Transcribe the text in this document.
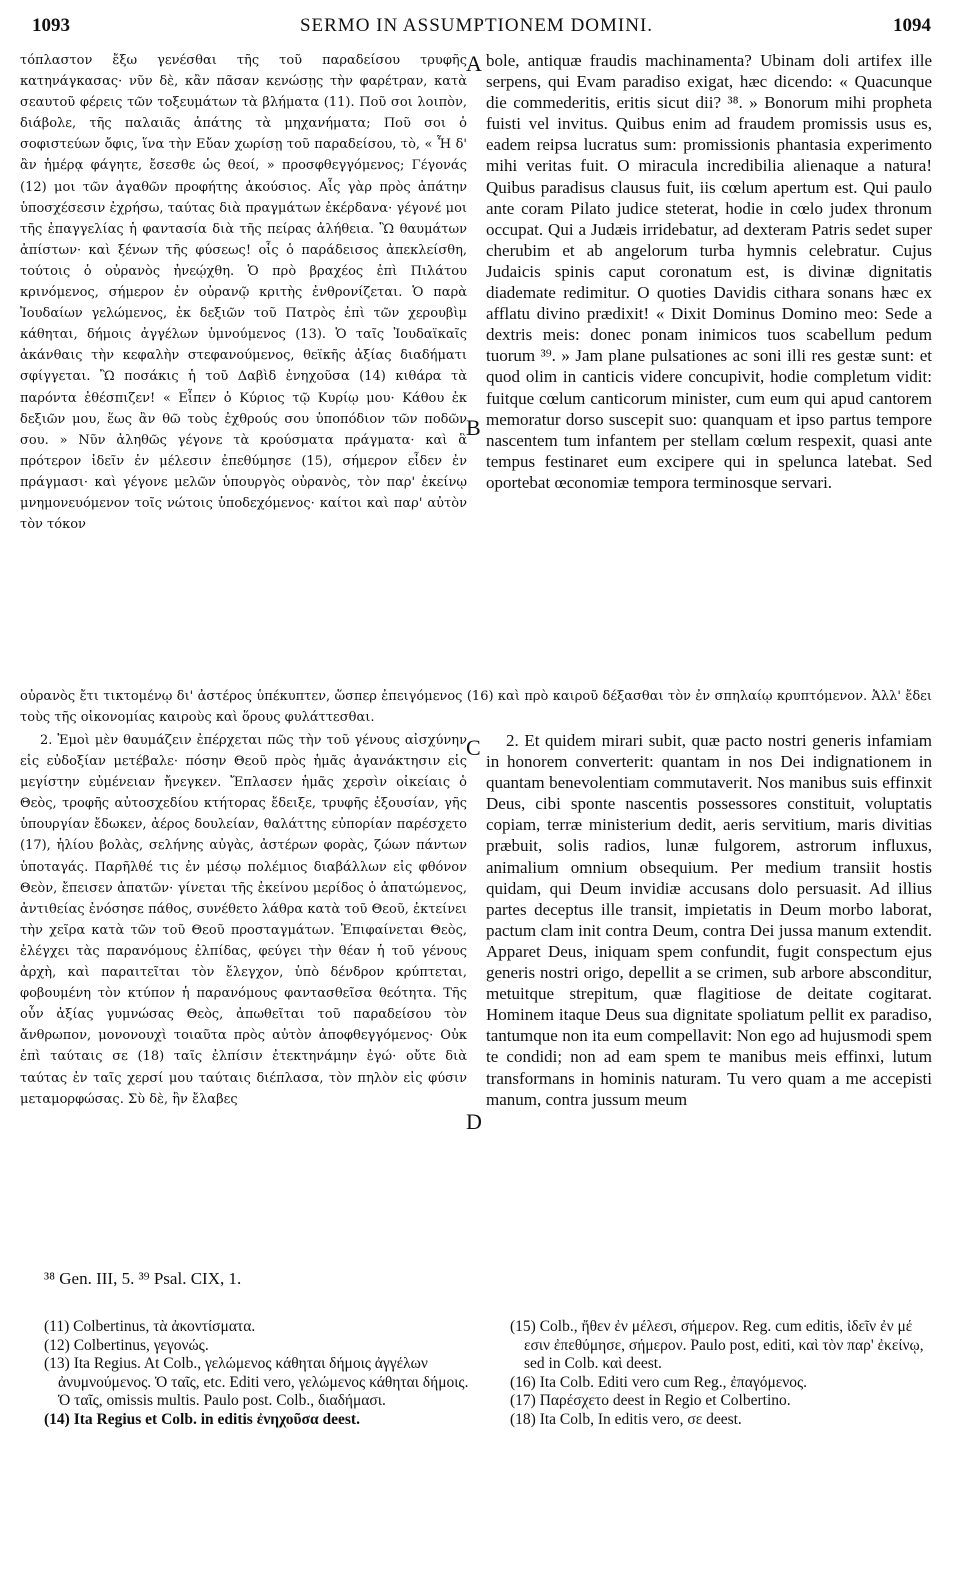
1093	SERMO IN ASSUMPTIONEM DOMINI.	1094

τόπλαστον ἔξω γενέσθαι τῆς τοῦ παραδείσου τρυφῆς κατηνάγκασας· νῦν δὲ, κἂν πᾶσαν κενώσῃς τὴν φαρέτραν, κατὰ σεαυτοῦ φέρεις τῶν τοξευμάτων τὰ βλήματα (11). Ποῦ σοι λοιπὸν, διάβολε, τῆς παλαιᾶς ἀπάτης τὰ μηχανήματα; Ποῦ σοι ὁ σοφιστεύων ὄφις, ἵνα τὴν Εὔαν χωρίσῃ τοῦ παραδείσου, τὸ, « Ἧ δ' ἂν ἡμέρᾳ φάγητε, ἔσεσθε ὡς θεοί, » προσφθεγγόμενος; Γέγονάς (12) μοι τῶν ἀγαθῶν προφήτης ἀκούσιος. Αἷς γὰρ πρὸς ἀπάτην ὑποσχέσεσιν ἐχρήσω, ταύτας διὰ πραγμάτων ἐκέρδανα· γέγονέ μοι τῆς ἐπαγγελίας ἡ φαντασία διὰ τῆς πείρας ἀλήθεια. Ὢ θαυμάτων ἀπίστων· καὶ ξένων τῆς φύσεως! οἷς ὁ παράδεισος ἀπεκλείσθη, τούτοις ὁ οὐρανὸς ἠνεῴχθη. Ὁ πρὸ βραχέος ἐπὶ Πιλάτου κρινόμενος, σήμερον ἐν οὐρανῷ κριτὴς ἐνθρονίζεται. Ὁ παρὰ Ἰουδαίων γελώμενος, ἐκ δεξιῶν τοῦ Πατρὸς ἐπὶ τῶν χερουβὶμ κάθηται, δήμοις ἀγγέλων ὑμνούμενος (13). Ὁ ταῖς Ἰουδαϊκαῖς ἀκάνθαις τὴν κεφαλὴν στεφανούμενος, θεϊκῆς ἀξίας διαδήματι σφίγγεται. Ὢ ποσάκις ἡ τοῦ Δαβὶδ ἐνηχοῦσα (14) κιθάρα τὰ παρόντα ἐθέσπιζεν! « Εἶπεν ὁ Κύριος τῷ Κυρίῳ μου· Κάθου ἐκ δεξιῶν μου, ἕως ἂν θῶ τοὺς ἐχθρούς σου ὑποπόδιον τῶν ποδῶν σου. » Νῦν ἀληθῶς γέγονε τὰ κρούσματα πράγματα· καὶ ἃ πρότερον ἰδεῖν ἐν μέλεσιν ἐπεθύμησε (15), σήμερον εἶδεν ἐν πράγμασι· καὶ γέγονε μελῶν ὑπουργὸς οὐρανὸς, τὸν παρ' ἐκείνῳ μνημονευόμενον τοῖς νώτοις ὑποδεχόμενος· καίτοι καὶ παρ' αὐτὸν τὸν τόκον

bole, antiquæ fraudis machinamenta? Ubinam doli artifex ille serpens, qui Evam paradiso exigat, hæc dicendo: « Quacunque die commederitis, eritis sicut dii? ³⁸. » Bonorum mihi propheta fuisti vel invitus. Quibus enim ad fraudem promissis usus es, eadem reipsa lucratus sum: promissionis phantasia experimento mihi veritas fuit. O miracula incredibilia alienaque a natura! Quibus paradisus clausus fuit, iis cœlum apertum est. Qui paulo ante coram Pilato judice steterat, hodie in cœlo judex thronum occupat. Qui a Judæis irridebatur, ad dexteram Patris sedet super cherubim et ab angelorum turba hymnis celebratur. Cujus Judaicis spinis caput coronatum est, is divinæ dignitatis diademate redimitur. O quoties Davidis cithara sonans hæc ex afflatu divino prædixit! « Dixit Dominus Domino meo: Sede a dextris meis: donec ponam inimicos tuos scabellum pedum tuorum ³⁹. » Jam plane pulsationes ac soni illi res gestæ sunt: et quod olim in canticis videre concupivit, hodie completum vidit: fuitque cœlum canticorum minister, cum eum qui apud cantorem memoratur dorso suscepit suo: quanquam et ipso partus tempore nascentem tum infantem per stellam cœlum respexit, quasi ante tempus festinaret eum excipere qui in spelunca latebat. Sed oportebat œconomiæ tempora terminosque servari.

A
B
C
D

οὐρανὸς ἔτι τικτομένῳ δι' ἀστέρος ὑπέκυπτεν, ὥσπερ ἐπειγόμενος (16) καὶ πρὸ καιροῦ δέξασθαι τὸν ἐν σπηλαίῳ κρυπτόμενον. Ἀλλ' ἔδει τοὺς τῆς οἰκονομίας καιροὺς καὶ ὅρους φυλάττεσθαι.

2. Ἐμοὶ μὲν θαυμάζειν ἐπέρχεται πῶς τὴν τοῦ γένους αἰσχύνην εἰς εὐδοξίαν μετέβαλε· πόσην Θεοῦ πρὸς ἡμᾶς ἀγανάκτησιν εἰς μεγίστην εὐμένειαν ἤνεγκεν. Ἔπλασεν ἡμᾶς χερσὶν οἰκείαις ὁ Θεὸς, τροφῆς αὐτοσχεδίου κτήτορας ἔδειξε, τρυφῆς ἐξουσίαν, γῆς ὑπουργίαν ἔδωκεν, ἀέρος δουλείαν, θαλάττης εὐπορίαν παρέσχετο (17), ἡλίου βολὰς, σελήνης αὐγὰς, ἀστέρων φορὰς, ζώων πάντων ὑποταγάς. Παρῆλθέ τις ἐν μέσῳ πολέμιος διαβάλλων εἰς φθόνον Θεὸν, ἔπεισεν ἀπατῶν· γίνεται τῆς ἐκείνου μερίδος ὁ ἀπατώμενος, ἀντιθείας ἐνόσησε πάθος, συνέθετο λάθρα κατὰ τοῦ Θεοῦ, ἐκτείνει τὴν χεῖρα κατὰ τῶν τοῦ Θεοῦ προσταγμάτων. Ἐπιφαίνεται Θεὸς, ἐλέγχει τὰς παρανόμους ἐλπίδας, φεύγει τὴν θέαν ἡ τοῦ γένους ἀρχὴ, καὶ παραιτεῖται τὸν ἔλεγχον, ὑπὸ δένδρον κρύπτεται, φοβουμένη τὸν κτύπον ἡ παρανόμους φαντασθεῖσα θεότητα. Τῆς οὖν ἀξίας γυμνώσας Θεὸς, ἀπωθεῖται τοῦ παραδείσου τὸν ἄνθρωπον, μονονουχὶ τοιαῦτα πρὸς αὐτὸν ἀποφθεγγόμενος· Οὐκ ἐπὶ ταύταις σε (18) ταῖς ἐλπίσιν ἐτεκτηνάμην ἐγώ· οὔτε διὰ ταύτας ἐν ταῖς χερσί μου ταύταις διέπλασα, τὸν πηλὸν εἰς φύσιν μεταμορφώσας. Σὺ δὲ, ἣν ἔλαβες

2. Et quidem mirari subit, quæ pacto nostri generis infamiam in honorem converterit: quantam in nos Dei indignationem in quantam benevolentiam commutaverit. Nos manibus suis effinxit Deus, cibi sponte nascentis possessores constituit, voluptatis copiam, terræ ministerium dedit, aeris servitium, maris divitias præbuit, solis radios, lunæ fulgorem, astrorum influxus, animalium omnium obsequium. Per medium transiit hostis quidam, qui Deum invidiæ accusans dolo persuasit. Ad illius partes deceptus ille transit, impietatis in Deum morbo laborat, pactum clam init contra Deum, contra Dei jussa manum extendit. Apparet Deus, iniquam spem confundit, fugit conspectum ejus generis nostri origo, depellit a se crimen, sub arbore absconditur, metuitque strepitum, quæ flagitiose de deitate cogitarat. Hominem itaque Deus sua dignitate spoliatum pellit ex paradiso, tantumque non ita eum compellavit: Non ego ad hujusmodi spem te condidi; non ad eam spem te manibus meis effinxi, lutum transformans in hominis naturam. Tu vero quam a me accepisti manum, contra jussum meum

³⁸ Gen. III, 5. ³⁹ Psal. CIX, 1.

(11) Colbertinus, τὰ ἀκοντίσματα.

(12) Colbertinus, γεγονώς.

(13) Ita Regius. At Colb., γελώμενος κάθηται δήμοις ἀγγέλων ἀνυμνούμενος. Ὁ ταῖς, etc. Editi vero, γελώμενος κάθηται δήμοις. Ὁ ταῖς, omissis multis. Paulo post. Colb., διαδήμασι.

(14) Ita Regius et Colb. in editis ἐνηχοῦσα deest.

(15) Colb., ἤθεν ἐν μέλεσι, σήμερον. Reg. cum editis, ἰδεῖν ἐν μέ εσιν ἐπεθύμησε, σήμερον. Paulo post, editi, καὶ τὸν παρ' ἐκείνῳ, sed in Colb. καὶ deest.

(16) Ita Colb. Editi vero cum Reg., ἐπαγόμενος.

(17) Παρέσχετο deest in Regio et Colbertino.

(18) Ita Colb, In editis vero, σε deest.
